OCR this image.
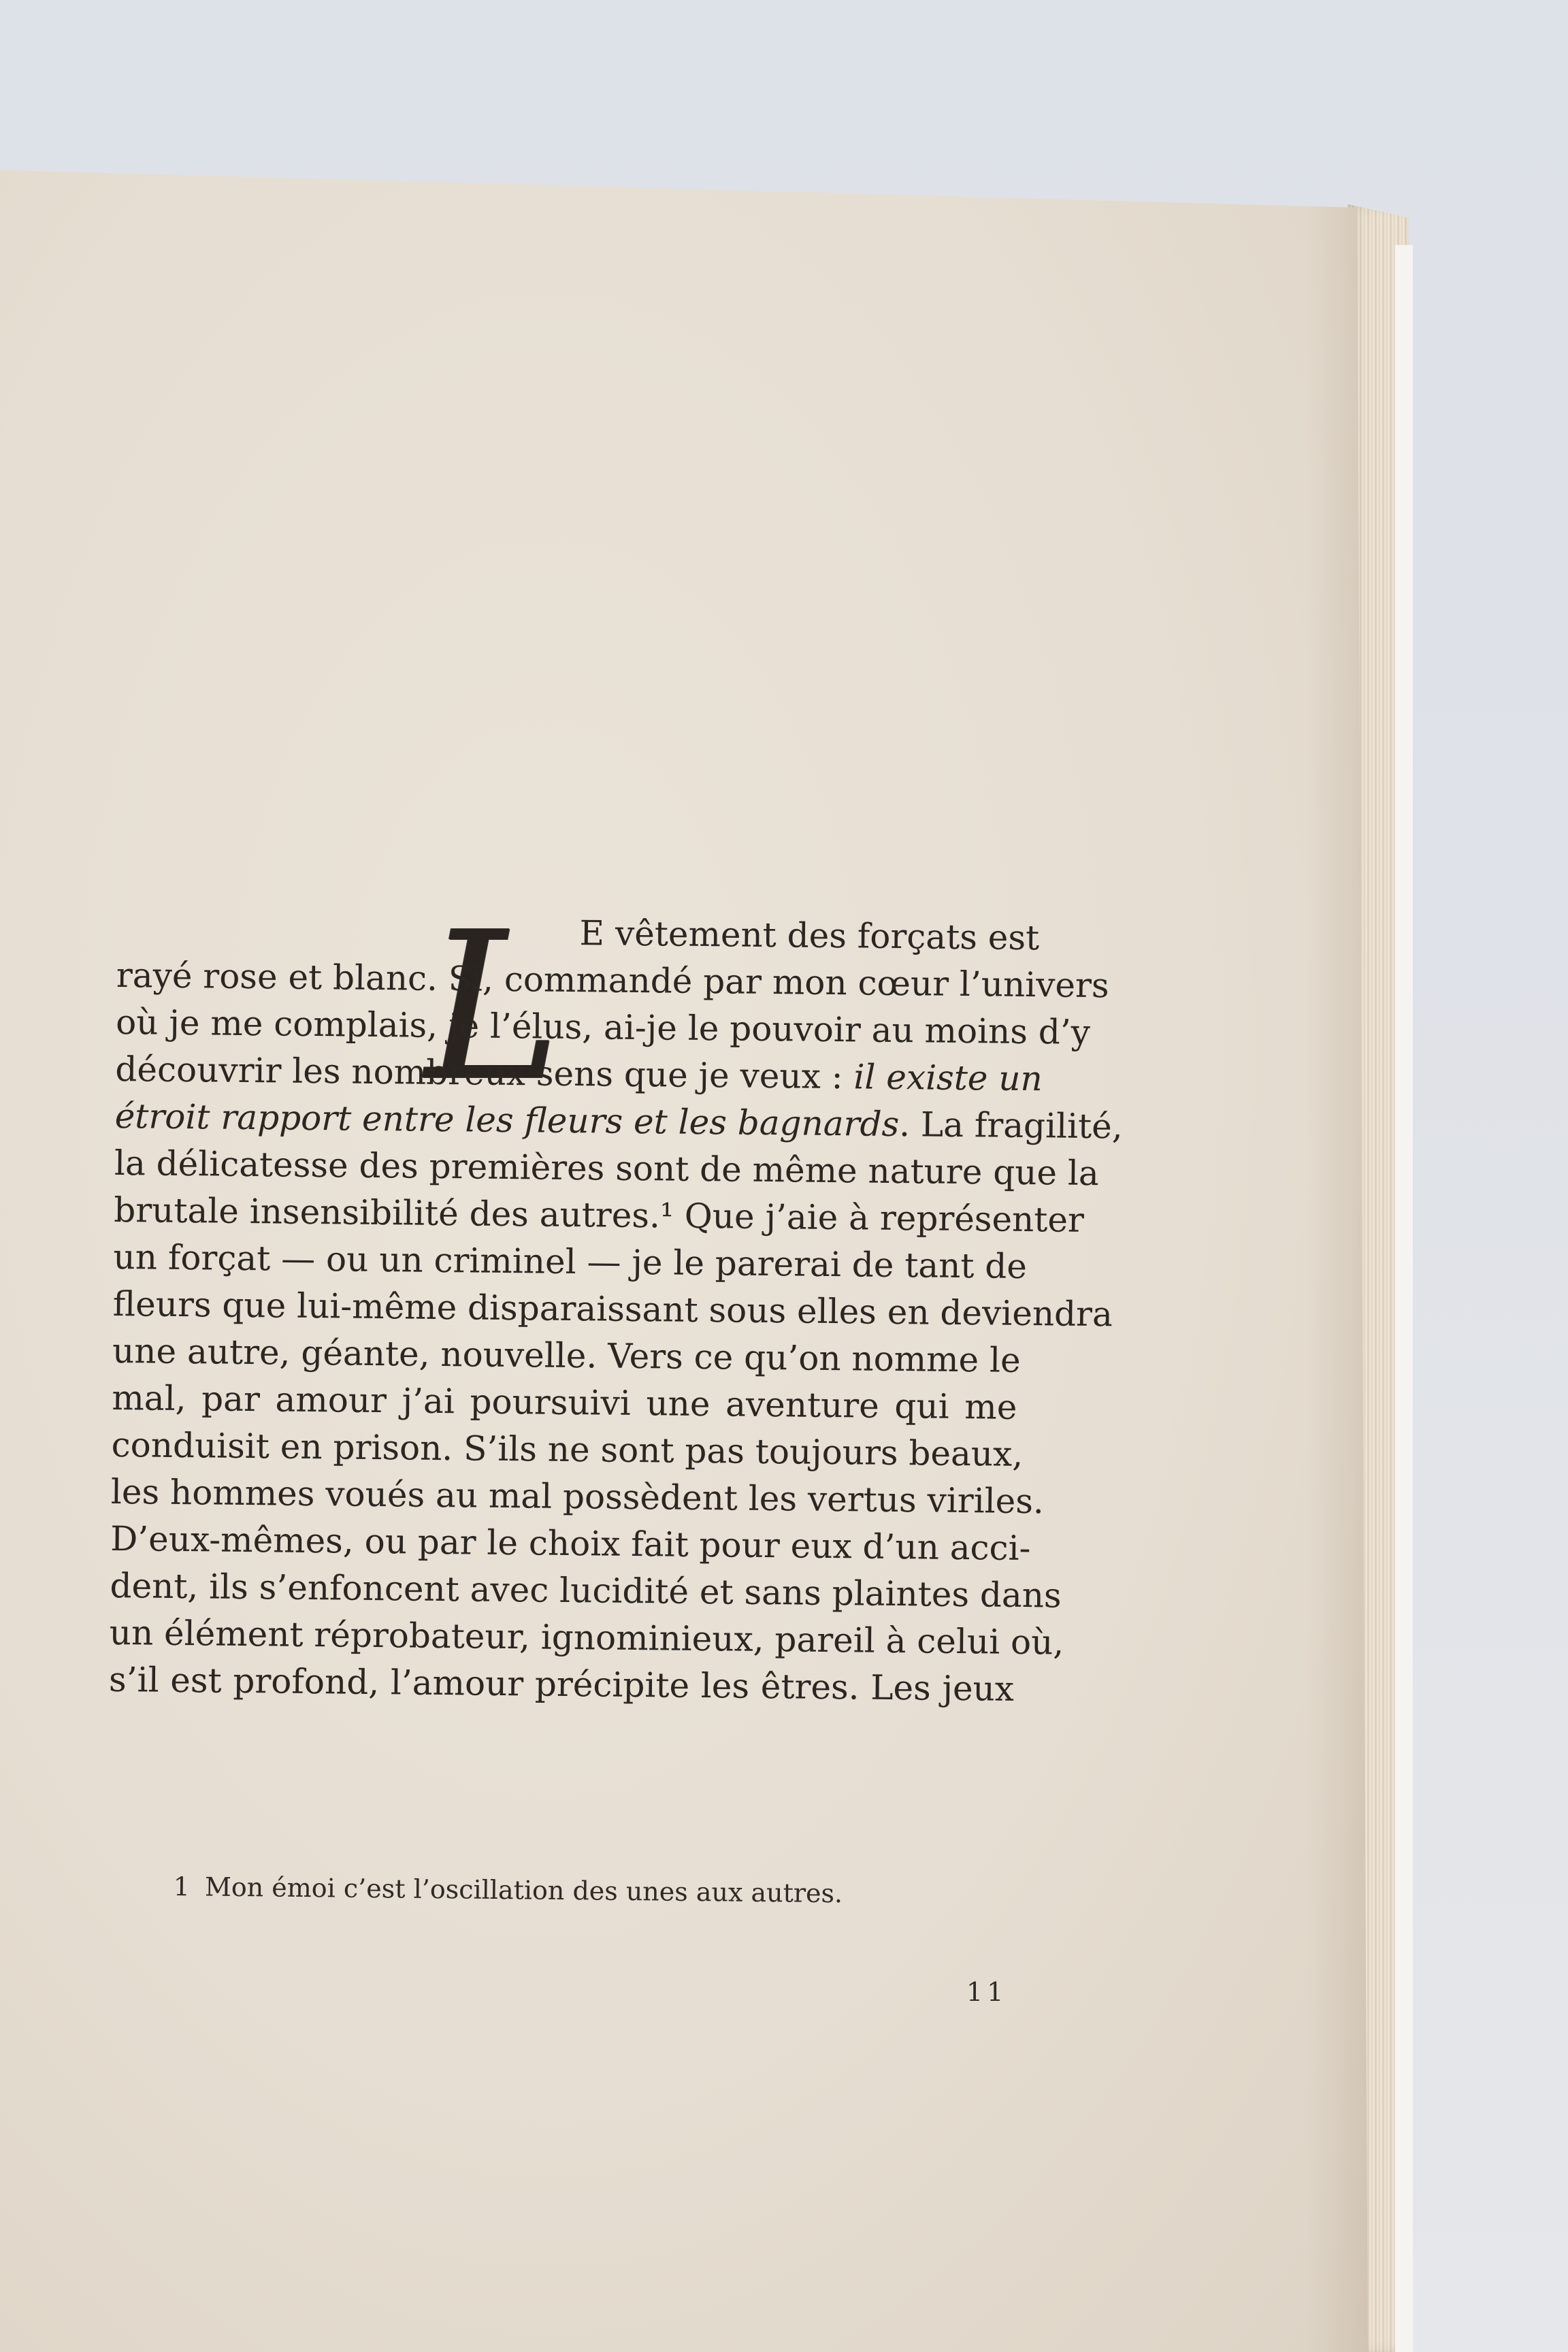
L E vêtement des forçats est
rayé rose et blanc. Si, commandé par mon cœur l’univers
où je me complais, je l’élus, ai-je le pouvoir au moins d’y
découvrir les nombreux sens que je veux : il existe un
étroit rapport entre les fleurs et les bagnards. La fragilité,
la délicatesse des premières sont de même nature que la
brutale insensibilité des autres.¹ Que j’aie à représenter
un forçat — ou un criminel — je le parerai de tant de
fleurs que lui-même disparaissant sous elles en deviendra
une autre, géante, nouvelle. Vers ce qu’on nomme le
mal, par amour j’ai poursuivi une aventure qui me
conduisit en prison. S’ils ne sont pas toujours beaux,
les hommes voués au mal possèdent les vertus viriles.
D’eux-mêmes, ou par le choix fait pour eux d’un acci-
dent, ils s’enfoncent avec lucidité et sans plaintes dans
un élément réprobateur, ignominieux, pareil à celui où,
s’il est profond, l’amour précipite les êtres. Les jeux
1 Mon émoi c’est l’oscillation des unes aux autres.
11
